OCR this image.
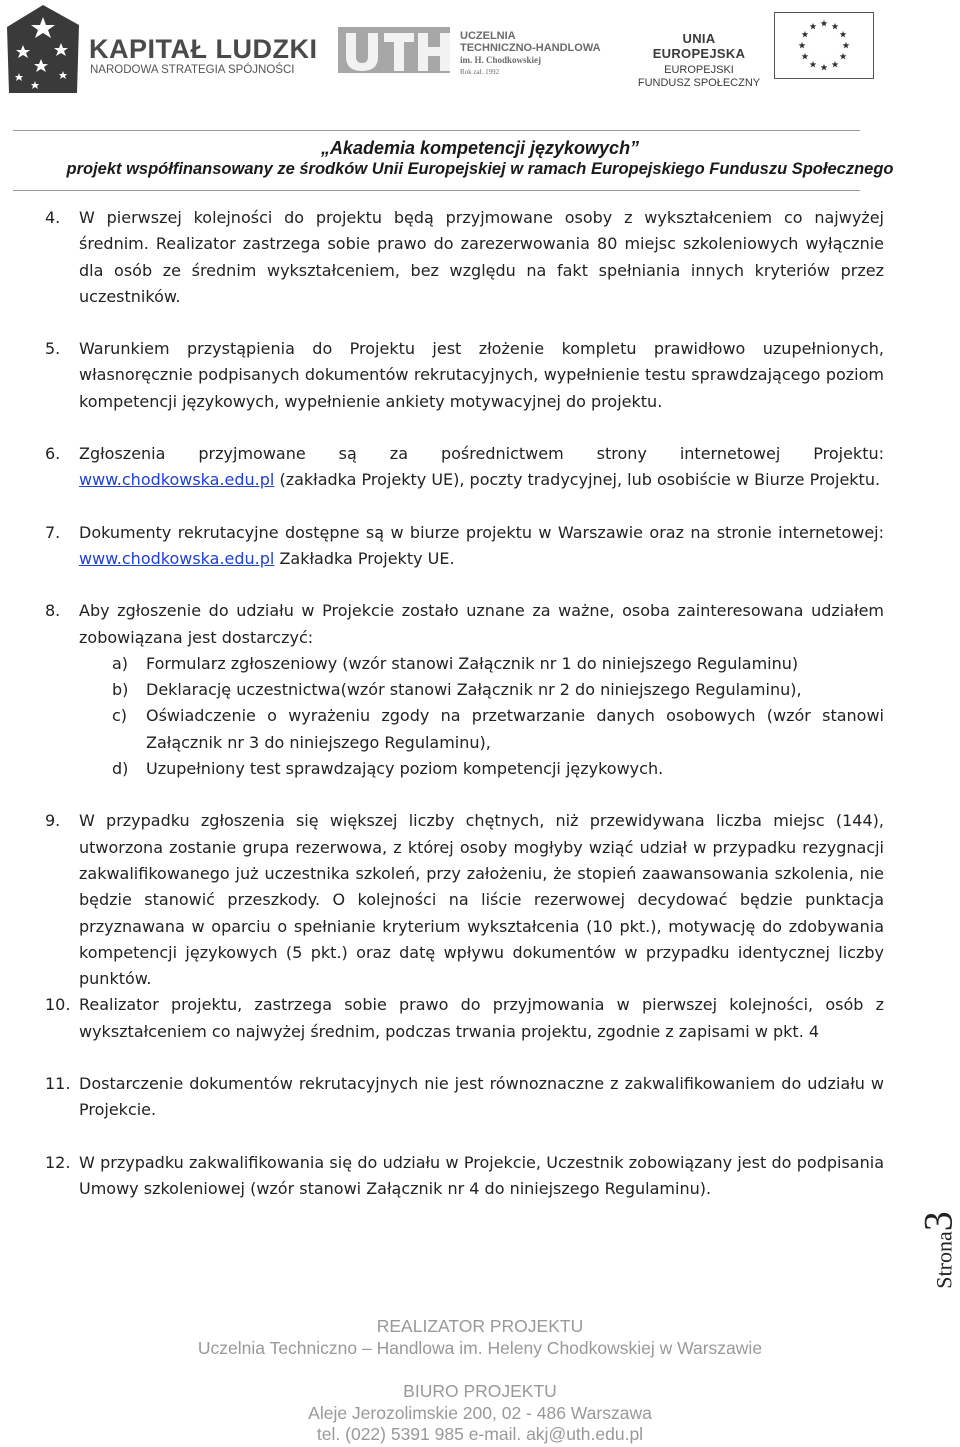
KAPITAŁ LUDZKI
NARODOWA STRATEGIA SPÓJNOŚCI
UCZELNIA
TECHNICZNO-HANDLOWA
im. H. Chodkowskiej
Rok zał. 1992
UNIA EUROPEJSKA
EUROPEJSKI
FUNDUSZ SPOŁECZNY
„Akademia kompetencji językowych”
projekt współfinansowany ze środków Unii Europejskiej w ramach Europejskiego Funduszu Społecznego
4. W pierwszej kolejności do projektu będą przyjmowane osoby z wykształceniem co najwyżej średnim. Realizator zastrzega sobie prawo do zarezerwowania 80 miejsc szkoleniowych wyłącznie dla osób ze średnim wykształceniem, bez względu na fakt spełniania innych kryteriów przez uczestników.
5. Warunkiem przystąpienia do Projektu jest złożenie kompletu prawidłowo uzupełnionych, własnoręcznie podpisanych dokumentów rekrutacyjnych, wypełnienie testu sprawdzającego poziom kompetencji językowych, wypełnienie ankiety motywacyjnej do projektu.
6. Zgłoszenia przyjmowane są za pośrednictwem strony internetowej Projektu: www.chodkowska.edu.pl (zakładka Projekty UE), poczty tradycyjnej, lub osobiście w Biurze Projektu.
7. Dokumenty rekrutacyjne dostępne są w biurze projektu w Warszawie oraz na stronie internetowej: www.chodkowska.edu.pl Zakładka Projekty UE.
8. Aby zgłoszenie do udziału w Projekcie zostało uznane za ważne, osoba zainteresowana udziałem zobowiązana jest dostarczyć:
a) Formularz zgłoszeniowy (wzór stanowi Załącznik nr 1 do niniejszego Regulaminu)
b) Deklarację uczestnictwa(wzór stanowi Załącznik nr 2 do niniejszego Regulaminu),
c) Oświadczenie o wyrażeniu zgody na przetwarzanie danych osobowych (wzór stanowi Załącznik nr 3 do niniejszego Regulaminu),
d) Uzupełniony test sprawdzający poziom kompetencji językowych.
9. W przypadku zgłoszenia się większej liczby chętnych, niż przewidywana liczba miejsc (144), utworzona zostanie grupa rezerwowa, z której osoby mogłyby wziąć udział w przypadku rezygnacji zakwalifikowanego już uczestnika szkoleń, przy założeniu, że stopień zaawansowania szkolenia, nie będzie stanowić przeszkody. O kolejności na liście rezerwowej decydować będzie punktacja przyznawana w oparciu o spełnianie kryterium wykształcenia (10 pkt.), motywację do zdobywania kompetencji językowych (5 pkt.) oraz datę wpływu dokumentów w przypadku identycznej liczby punktów.
10. Realizator projektu, zastrzega sobie prawo do przyjmowania w pierwszej kolejności, osób z wykształceniem co najwyżej średnim, podczas trwania projektu, zgodnie z zapisami w pkt. 4
11. Dostarczenie dokumentów rekrutacyjnych nie jest równoznaczne z zakwalifikowaniem do udziału w Projekcie.
12. W przypadku zakwalifikowania się do udziału w Projekcie, Uczestnik zobowiązany jest do podpisania Umowy szkoleniowej (wzór stanowi Załącznik nr 4 do niniejszego Regulaminu).
Strona3
REALIZATOR PROJEKTU
Uczelnia Techniczno – Handlowa im. Heleny Chodkowskiej w Warszawie
BIURO PROJEKTU
Aleje Jerozolimskie 200, 02 - 486 Warszawa
tel. (022) 5391 985 e-mail. akj@uth.edu.pl
